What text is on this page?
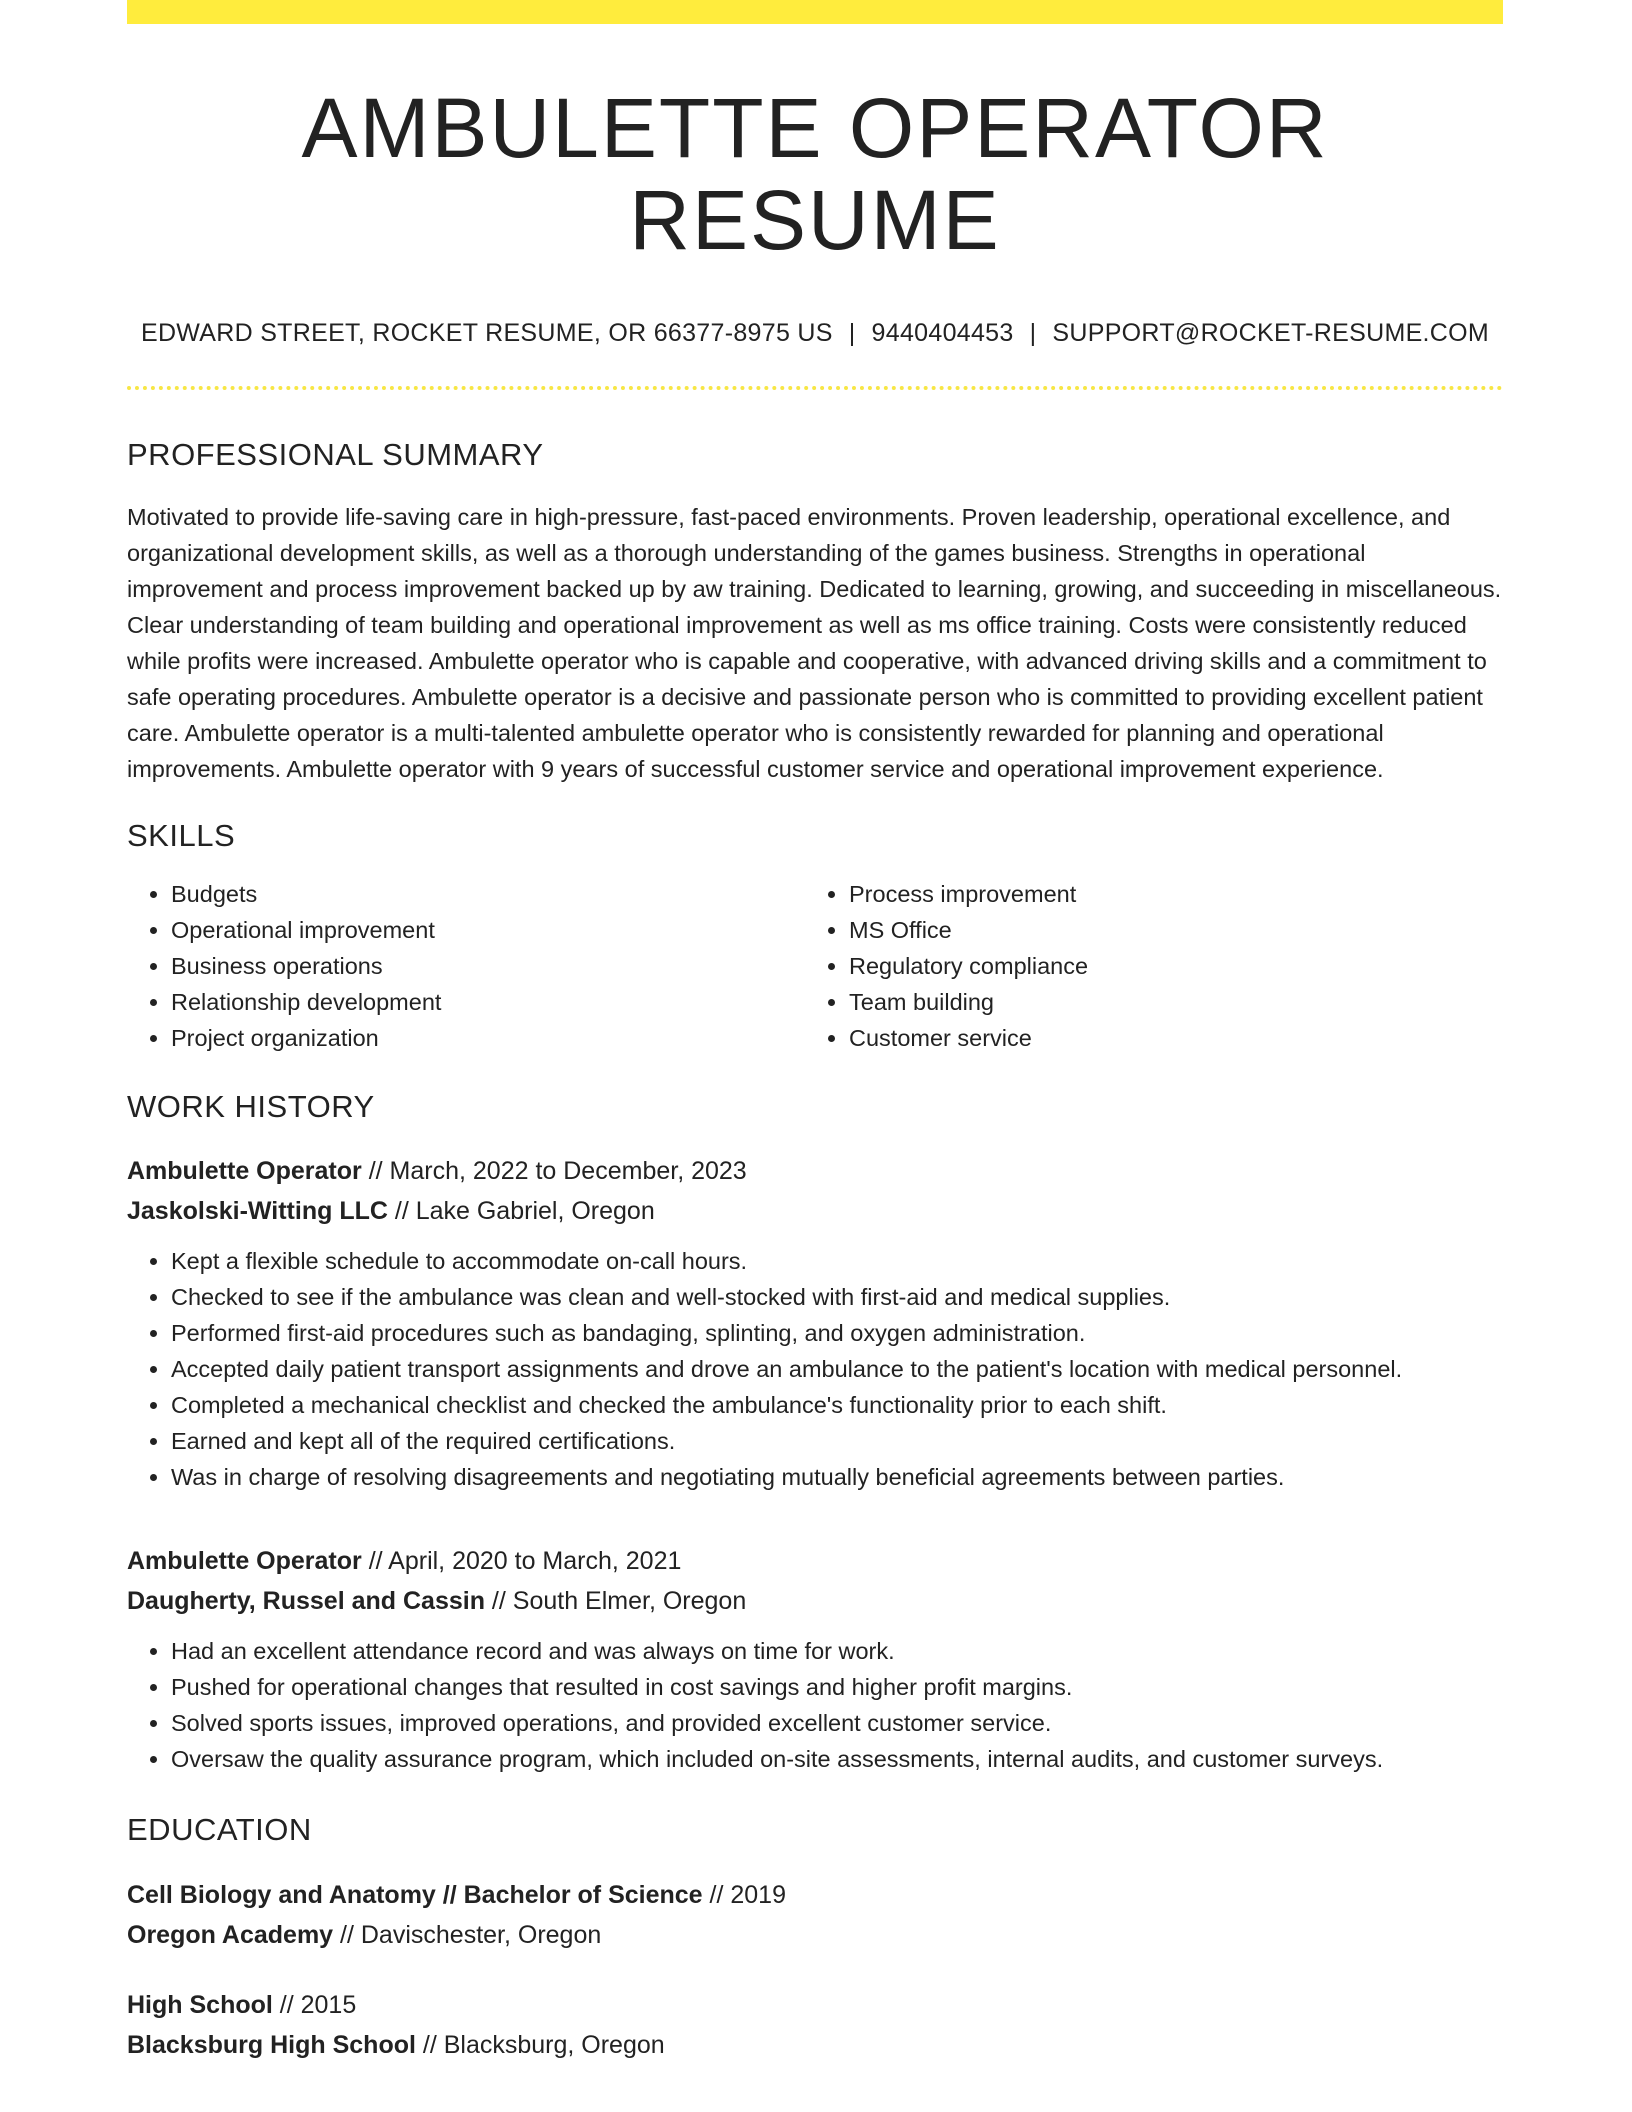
AMBULETTE OPERATOR RESUME
EDWARD STREET, ROCKET RESUME, OR 66377-8975 US | 9440404453 | SUPPORT@ROCKET-RESUME.COM
PROFESSIONAL SUMMARY

Motivated to provide life-saving care in high-pressure, fast-paced environments. Proven leadership, operational excellence, and organizational development skills, as well as a thorough understanding of the games business. Strengths in operational improvement and process improvement backed up by aw training. Dedicated to learning, growing, and succeeding in miscellaneous. Clear understanding of team building and operational improvement as well as ms office training. Costs were consistently reduced while profits were increased. Ambulette operator who is capable and cooperative, with advanced driving skills and a commitment to safe operating procedures. Ambulette operator is a decisive and passionate person who is committed to providing excellent patient care. Ambulette operator is a multi-talented ambulette operator who is consistently rewarded for planning and operational improvements. Ambulette operator with 9 years of successful customer service and operational improvement experience.

SKILLS
• Budgets
• Operational improvement
• Business operations
• Relationship development
• Project organization
• Process improvement
• MS Office
• Regulatory compliance
• Team building
• Customer service
WORK HISTORY
Ambulette Operator // March, 2022 to December, 2023
Jaskolski-Witting LLC // Lake Gabriel, Oregon
• Kept a flexible schedule to accommodate on-call hours.
• Checked to see if the ambulance was clean and well-stocked with first-aid and medical supplies.
• Performed first-aid procedures such as bandaging, splinting, and oxygen administration.
• Accepted daily patient transport assignments and drove an ambulance to the patient's location with medical personnel.
• Completed a mechanical checklist and checked the ambulance's functionality prior to each shift.
• Earned and kept all of the required certifications.
• Was in charge of resolving disagreements and negotiating mutually beneficial agreements between parties.
Ambulette Operator // April, 2020 to March, 2021
Daugherty, Russel and Cassin // South Elmer, Oregon
• Had an excellent attendance record and was always on time for work.
• Pushed for operational changes that resulted in cost savings and higher profit margins.
• Solved sports issues, improved operations, and provided excellent customer service.
• Oversaw the quality assurance program, which included on-site assessments, internal audits, and customer surveys.
EDUCATION
Cell Biology and Anatomy // Bachelor of Science // 2019
Oregon Academy // Davischester, Oregon
High School // 2015
Blacksburg High School // Blacksburg, Oregon
